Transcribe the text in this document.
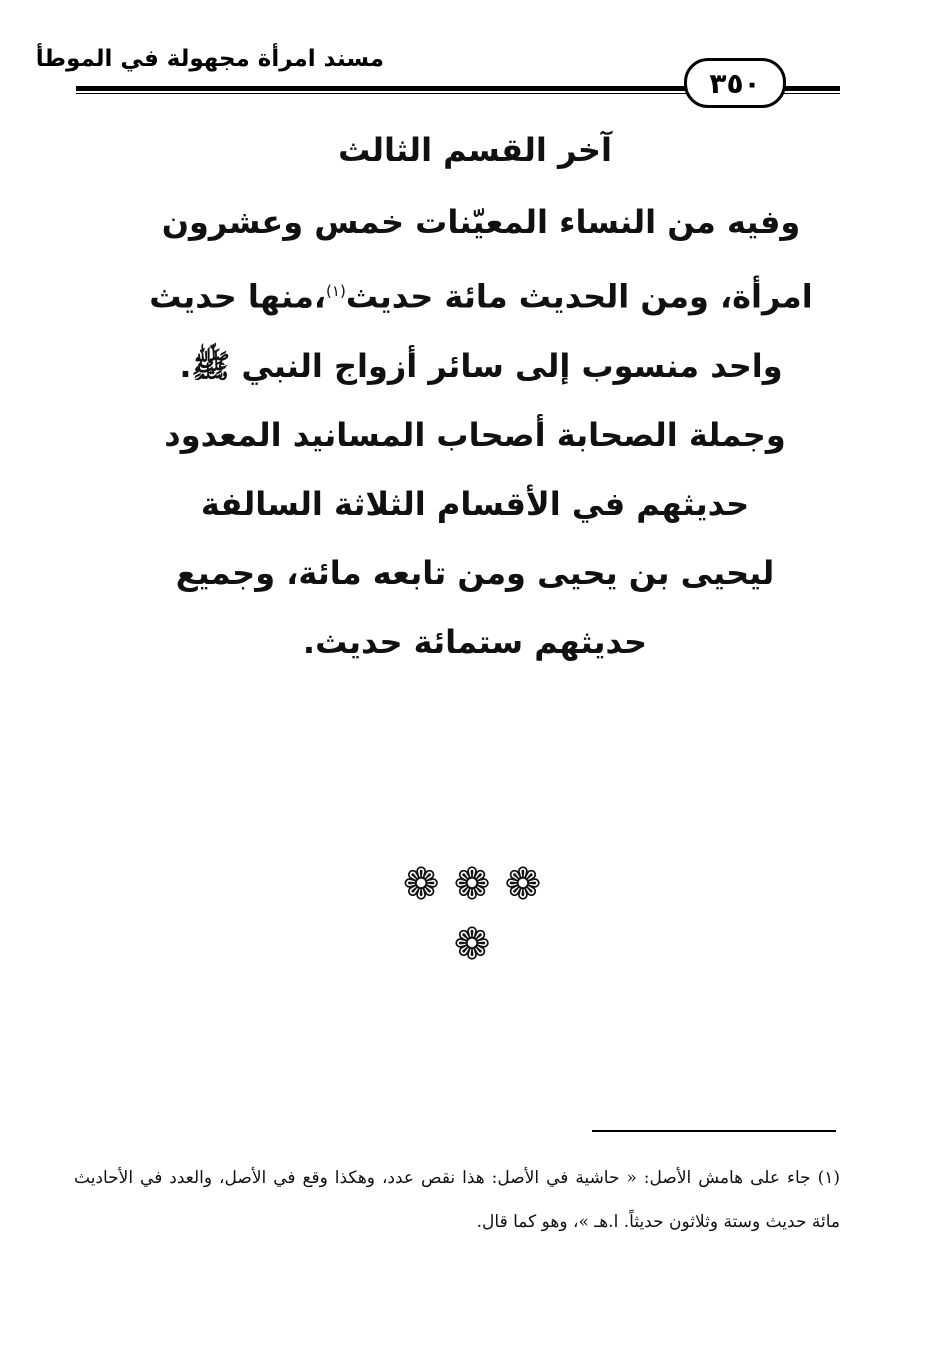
مسند امرأة مجهولة في الموطأ
٣٥٠

آخر القسم الثالث

وفيه من النساء المعيّنات خمس وعشرون امرأة، ومن الحديث مائة حديث$^{(١)}$،منها حديث واحد منسوب إلى سائر أزواج النبي ﷺ.

وجملة الصحابة أصحاب المسانيد المعدود حديثهم في الأقسام الثلاثة السالفة

ليحيى بن يحيى ومن تابعه مائة، وجميع حديثهم ستمائة حديث.

❁ ❁ ❁
❁
(١) جاء على هامش الأصل: « حاشية في الأصل: هذا نقص عدد، وهكذا وقع في الأصل، والعدد في الأحاديث مائة حديث وستة وثلاثون حديثاً. ا.هـ »، وهو كما قال.
